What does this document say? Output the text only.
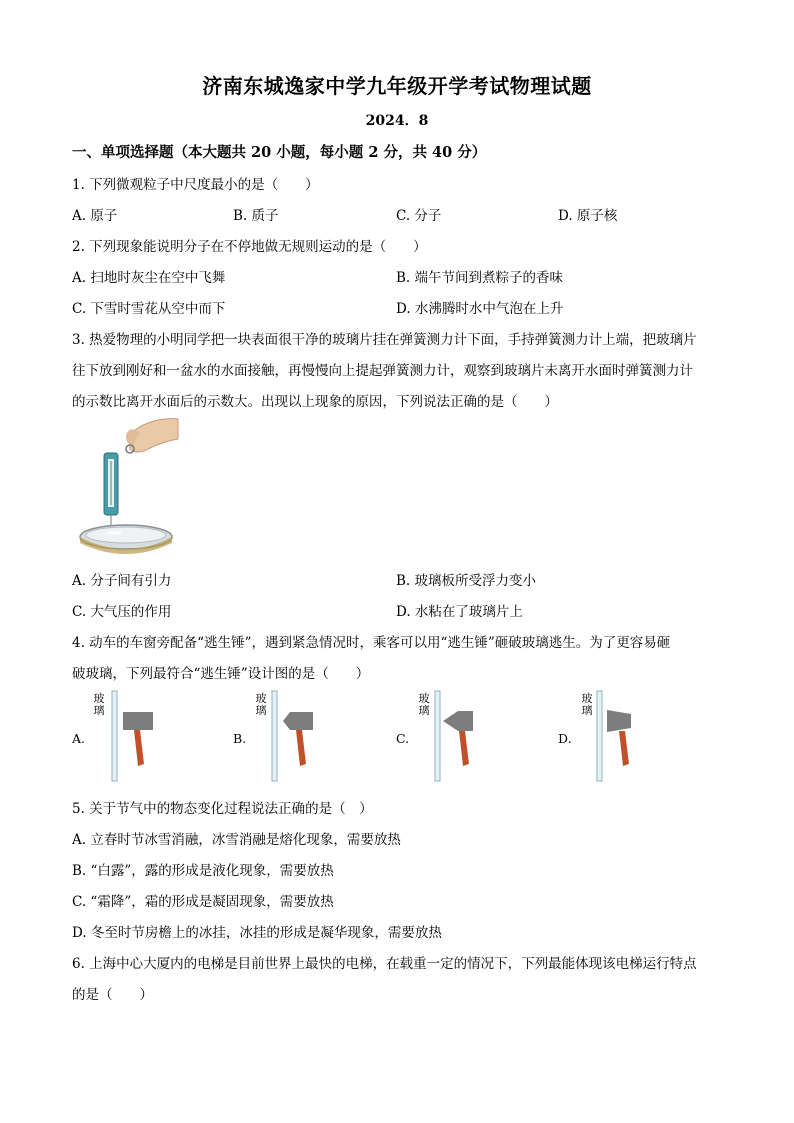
济南东城逸家中学九年级开学考试物理试题
2024．8
一、单项选择题（本大题共 20 小题，每小题 2 分，共 40 分）
1. 下列微观粒子中尺度最小的是（　　）
A. 原子	B. 质子	C. 分子	D. 原子核
2. 下列现象能说明分子在不停地做无规则运动的是（　　）
A. 扫地时灰尘在空中飞舞	B. 端午节间到煮粽子的香味
C. 下雪时雪花从空中而下	D. 水沸腾时水中气泡在上升
3. 热爱物理的小明同学把一块表面很干净的玻璃片挂在弹簧测力计下面，手持弹簧测力计上端，把玻璃片
往下放到刚好和一盆水的水面接触，再慢慢向上提起弹簧测力计，观察到玻璃片未离开水面时弹簧测力计
的示数比离开水面后的示数大。出现以上现象的原因，下列说法正确的是（　　）
A. 分子间有引力	B. 玻璃板所受浮力变小
C. 大气压的作用	D. 水粘在了玻璃片上
4. 动车的车窗旁配备“逃生锤”，遇到紧急情况时，乘客可以用“逃生锤”砸破玻璃逃生。为了更容易砸
破玻璃，下列最符合“逃生锤”设计图的是（　　）
A.
玻璃
B.
玻璃
C.
玻璃
D.
玻璃
5. 关于节气中的物态变化过程说法正确的是（　）
A. 立春时节冰雪消融，冰雪消融是熔化现象，需要放热
B. “白露”，露的形成是液化现象，需要放热
C. “霜降”，霜的形成是凝固现象，需要放热
D. 冬至时节房檐上的冰挂，冰挂的形成是凝华现象，需要放热
6. 上海中心大厦内的电梯是目前世界上最快的电梯，在载重一定的情况下，下列最能体现该电梯运行特点
的是（　　）
